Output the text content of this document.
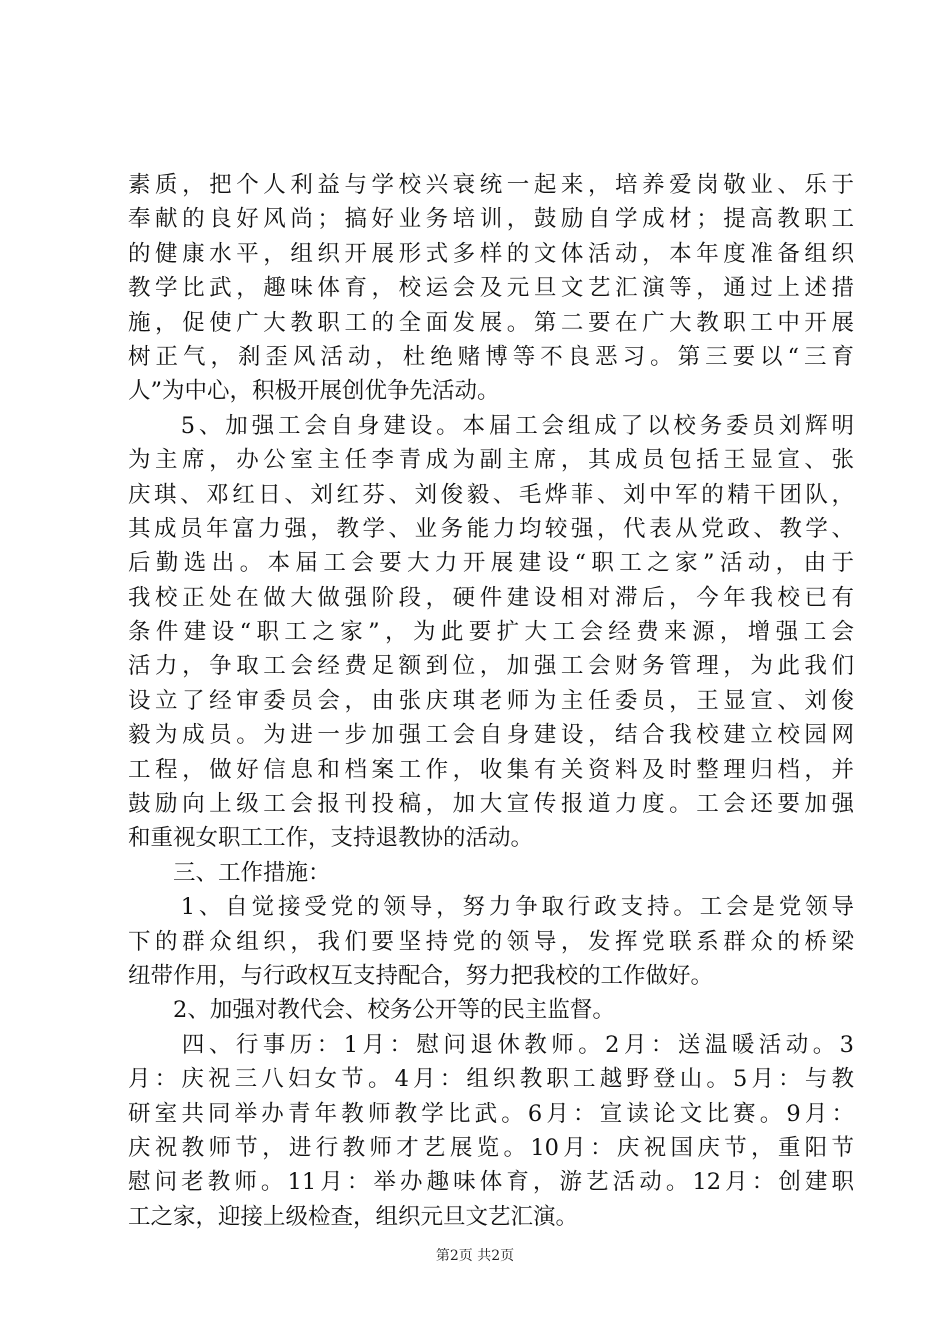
素质，把个人利益与学校兴衰统一起来，培养爱岗敬业、乐于
奉献的良好风尚；搞好业务培训，鼓励自学成材；提高教职工
的健康水平，组织开展形式多样的文体活动，本年度准备组织
教学比武，趣味体育，校运会及元旦文艺汇演等，通过上述措
施，促使广大教职工的全面发展。第二要在广大教职工中开展
树正气，刹歪风活动，杜绝赌博等不良恶习。第三要以“三育
人”为中心，积极开展创优争先活动。
　　5、加强工会自身建设。本届工会组成了以校务委员刘辉明
为主席，办公室主任李青成为副主席，其成员包括王显宣、张
庆琪、邓红日、刘红芬、刘俊毅、毛烨菲、刘中军的精干团队，
其成员年富力强，教学、业务能力均较强，代表从党政、教学、
后勤选出。本届工会要大力开展建设“职工之家”活动，由于
我校正处在做大做强阶段，硬件建设相对滞后，今年我校已有
条件建设“职工之家”，为此要扩大工会经费来源，增强工会
活力，争取工会经费足额到位，加强工会财务管理，为此我们
设立了经审委员会，由张庆琪老师为主任委员，王显宣、刘俊
毅为成员。为进一步加强工会自身建设，结合我校建立校园网
工程，做好信息和档案工作，收集有关资料及时整理归档，并
鼓励向上级工会报刊投稿，加大宣传报道力度。工会还要加强
和重视女职工工作，支持退教协的活动。
　　三、工作措施：
　　1、自觉接受党的领导，努力争取行政支持。工会是党领导
下的群众组织，我们要坚持党的领导，发挥党联系群众的桥梁
纽带作用，与行政权互支持配合，努力把我校的工作做好。
　　2、加强对教代会、校务公开等的民主监督。
　　四、行事历：1月：慰问退休教师。2月：送温暖活动。3
月：庆祝三八妇女节。4月：组织教职工越野登山。5月：与教
研室共同举办青年教师教学比武。6月：宣读论文比赛。9月：
庆祝教师节，进行教师才艺展览。10月：庆祝国庆节，重阳节
慰问老教师。11月：举办趣味体育，游艺活动。12月：创建职
工之家，迎接上级检查，组织元旦文艺汇演。
第2页 共2页
